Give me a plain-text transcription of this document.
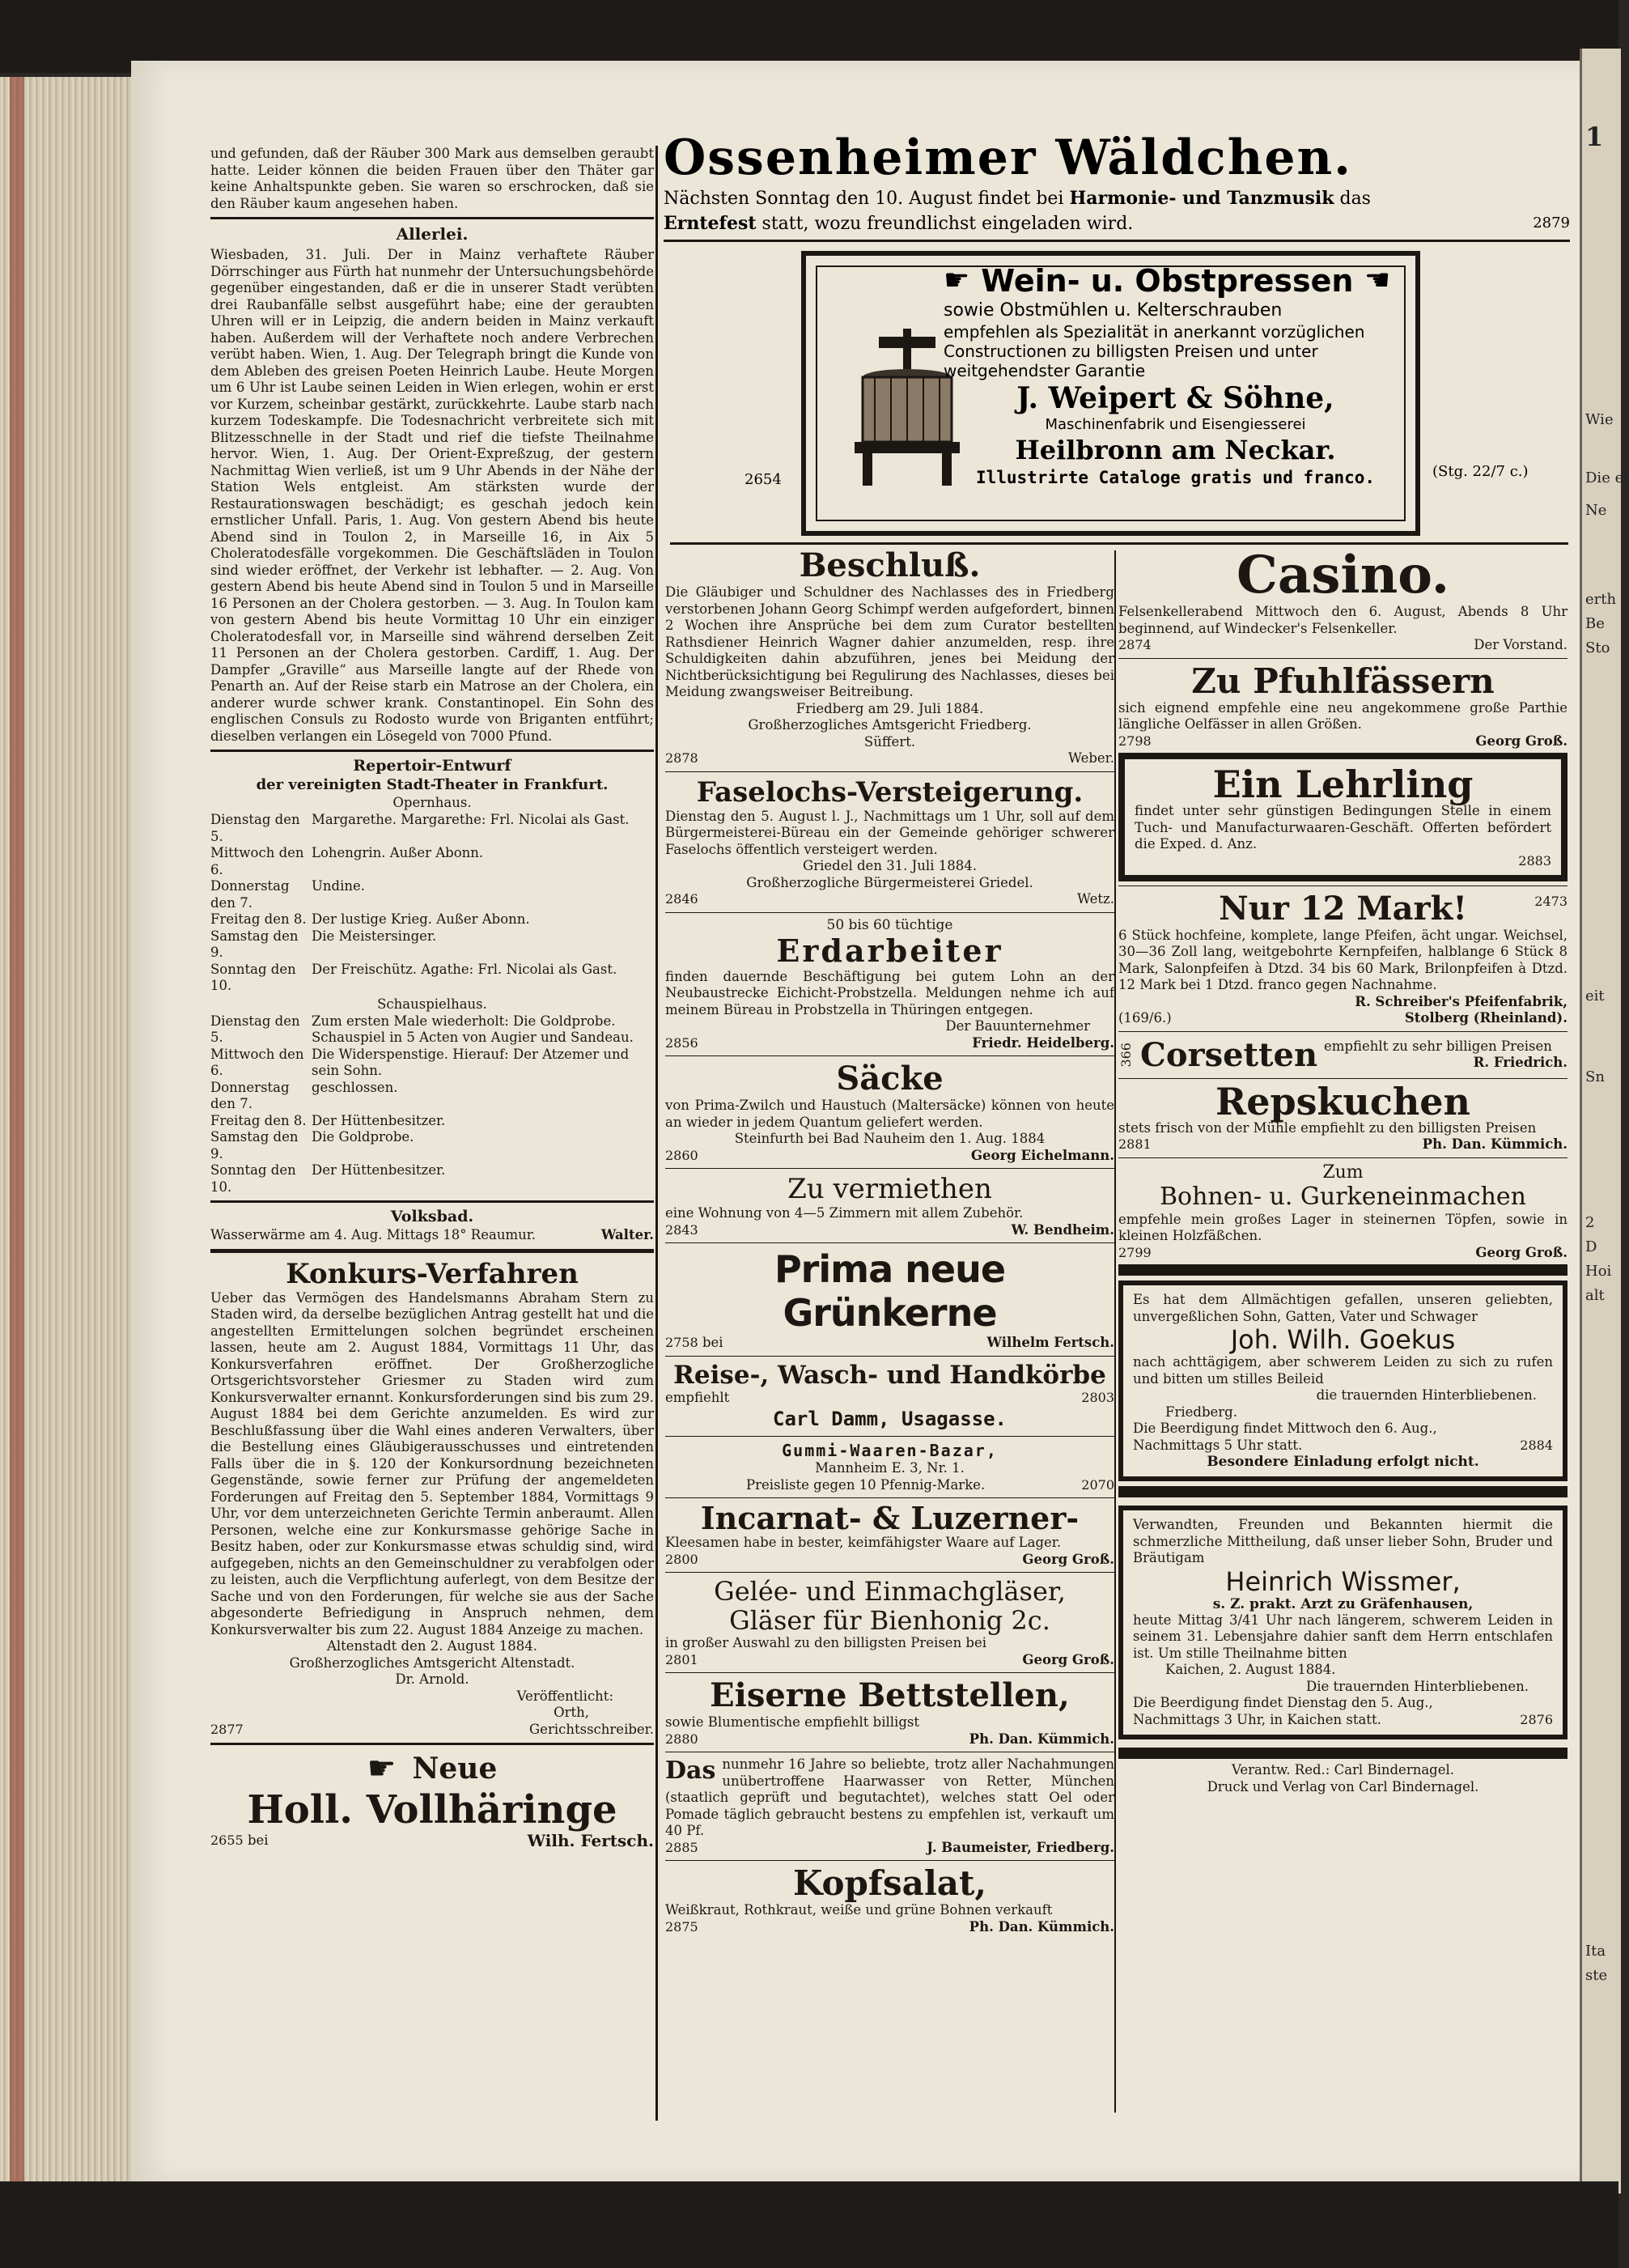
1
Wie
Die et
Ne
erth
Be
Sto
eit
Sn
2
D
Hoi
alt
Ita
ste

und gefunden, daß der Räuber 300 Mark aus demselben geraubt hatte. Leider können die beiden Frauen über den Thäter gar keine Anhaltspunkte geben. Sie waren so erschrocken, daß sie den Räuber kaum angesehen haben.

Allerlei.

Wiesbaden, 31. Juli. Der in Mainz verhaftete Räuber Dörrschinger aus Fürth hat nunmehr der Untersuchungsbehörde gegenüber eingestanden, daß er die in unserer Stadt verübten drei Raubanfälle selbst ausgeführt habe; eine der geraubten Uhren will er in Leipzig, die andern beiden in Mainz verkauft haben. Außerdem will der Verhaftete noch andere Verbrechen verübt haben. Wien, 1. Aug. Der Telegraph bringt die Kunde von dem Ableben des greisen Poeten Heinrich Laube. Heute Morgen um 6 Uhr ist Laube seinen Leiden in Wien erlegen, wohin er erst vor Kurzem, scheinbar gestärkt, zurückkehrte. Laube starb nach kurzem Todeskampfe. Die Todesnachricht verbreitete sich mit Blitzesschnelle in der Stadt und rief die tiefste Theilnahme hervor. Wien, 1. Aug. Der Orient-Expreßzug, der gestern Nachmittag Wien verließ, ist um 9 Uhr Abends in der Nähe der Station Wels entgleist. Am stärksten wurde der Restaurationswagen beschädigt; es geschah jedoch kein ernstlicher Unfall. Paris, 1. Aug. Von gestern Abend bis heute Abend sind in Toulon 2, in Marseille 16, in Aix 5 Choleratodesfälle vorgekommen. Die Geschäftsläden in Toulon sind wieder eröffnet, der Verkehr ist lebhafter. — 2. Aug. Von gestern Abend bis heute Abend sind in Toulon 5 und in Marseille 16 Personen an der Cholera gestorben. — 3. Aug. In Toulon kam von gestern Abend bis heute Vormittag 10 Uhr ein einziger Choleratodesfall vor, in Marseille sind während derselben Zeit 11 Personen an der Cholera gestorben. Cardiff, 1. Aug. Der Dampfer „Graville“ aus Marseille langte auf der Rhede von Penarth an. Auf der Reise starb ein Matrose an der Cholera, ein anderer wurde schwer krank. Constantinopel. Ein Sohn des englischen Consuls zu Rodosto wurde von Briganten entführt; dieselben verlangen ein Lösegeld von 7000 Pfund.

Repertoir-Entwurf
der vereinigten Stadt-Theater in Frankfurt.
Opernhaus.
Dienstag den 5.	Margarethe. Margarethe: Frl. Nicolai als Gast.
Mittwoch den 6.	Lohengrin. Außer Abonn.
Donnerstag den 7.	Undine.
Freitag den 8.	Der lustige Krieg. Außer Abonn.
Samstag den 9.	Die Meistersinger.
Sonntag den 10.	Der Freischütz. Agathe: Frl. Nicolai als Gast.
Schauspielhaus.
Dienstag den 5.	Zum ersten Male wiederholt: Die Goldprobe. Schauspiel in 5 Acten von Augier und Sandeau.
Mittwoch den 6.	Die Widerspenstige. Hierauf: Der Atzemer und sein Sohn.
Donnerstag den 7.	geschlossen.
Freitag den 8.	Der Hüttenbesitzer.
Samstag den 9.	Die Goldprobe.
Sonntag den 10.	Der Hüttenbesitzer.
Volksbad.
Wasserwärme am 4. Aug. Mittags 18° Reaumur.	Walter.
Konkurs-Verfahren

Ueber das Vermögen des Handelsmanns Abraham Stern zu Staden wird, da derselbe bezüglichen Antrag gestellt hat und die angestellten Ermittelungen solchen begründet erscheinen lassen, heute am 2. August 1884, Vormittags 11 Uhr, das Konkursverfahren eröffnet. Der Großherzogliche Ortsgerichtsvorsteher Griesmer zu Staden wird zum Konkursverwalter ernannt. Konkursforderungen sind bis zum 29. August 1884 bei dem Gerichte anzumelden. Es wird zur Beschlußfassung über die Wahl eines anderen Verwalters, über die Bestellung eines Gläubigerausschusses und eintretenden Falls über die in §. 120 der Konkursordnung bezeichneten Gegenstände, sowie ferner zur Prüfung der angemeldeten Forderungen auf Freitag den 5. September 1884, Vormittags 9 Uhr, vor dem unterzeichneten Gerichte Termin anberaumt. Allen Personen, welche eine zur Konkursmasse gehörige Sache in Besitz haben, oder zur Konkursmasse etwas schuldig sind, wird aufgegeben, nichts an den Gemeinschuldner zu verabfolgen oder zu leisten, auch die Verpflichtung auferlegt, von dem Besitze der Sache und von den Forderungen, für welche sie aus der Sache abgesonderte Befriedigung in Anspruch nehmen, dem Konkursverwalter bis zum 22. August 1884 Anzeige zu machen.

Altenstadt den 2. August 1884.
Großherzogliches Amtsgericht Altenstadt.
Dr. Arnold.
Veröffentlicht:
Orth,
2877	Gerichtsschreiber.
☛ Neue
Holl. Vollhäringe
2655 bei	Wilh. Fertsch.
Ossenheimer Wäldchen.
Nächsten Sonntag den 10. August findet bei Harmonie- und Tanzmusik das
Erntefest statt, wozu freundlichst eingeladen wird.	2879
☛ Wein- u. Obstpressen ☛
sowie Obstmühlen u. Kelterschrauben
empfehlen als Spezialität in anerkannt vorzüglichen Constructionen zu billigsten Preisen und unter weitgehendster Garantie
J. Weipert & Söhne,
Maschinenfabrik und Eisengiesserei
Heilbronn am Neckar.
Illustrirte Cataloge gratis und franco.
2654	(Stg. 22/7 c.)
Beschluß.

Die Gläubiger und Schuldner des Nachlasses des in Friedberg verstorbenen Johann Georg Schimpf werden aufgefordert, binnen 2 Wochen ihre Ansprüche bei dem zum Curator bestellten Rathsdiener Heinrich Wagner dahier anzumelden, resp. ihre Schuldigkeiten dahin abzuführen, jenes bei Meidung der Nichtberücksichtigung bei Regulirung des Nachlasses, dieses bei Meidung zwangsweiser Beitreibung.

Friedberg am 29. Juli 1884.
Großherzogliches Amtsgericht Friedberg.
Süffert.
2878	Weber.
Faselochs-Versteigerung.

Dienstag den 5. August l. J., Nachmittags um 1 Uhr, soll auf dem Bürgermeisterei-Büreau ein der Gemeinde gehöriger schwerer Faselochs öffentlich versteigert werden.

Griedel den 31. Juli 1884.
Großherzogliche Bürgermeisterei Griedel.
2846	Wetz.
50 bis 60 tüchtige
Erdarbeiter

finden dauernde Beschäftigung bei gutem Lohn an der Neubaustrecke Eichicht-Probstzella. Meldungen nehme ich auf meinem Büreau in Probstzella in Thüringen entgegen.

Der Bauunternehmer
2856	Friedr. Heidelberg.
Säcke

von Prima-Zwilch und Haustuch (Maltersäcke) können von heute an wieder in jedem Quantum geliefert werden.

Steinfurth bei Bad Nauheim den 1. Aug. 1884
2860	Georg Eichelmann.
Zu vermiethen

eine Wohnung von 4—5 Zimmern mit allem Zubehör.

2843	W. Bendheim.
Prima neue Grünkerne
2758 bei	Wilhelm Fertsch.
Reise-, Wasch- und Handkörbe
empfiehlt	2803
Carl Damm, Usagasse.
Gummi-Waaren-Bazar,
Mannheim E. 3, Nr. 1.
Preisliste gegen 10 Pfennig-Marke.	2070
Incarnat- & Luzerner-

Kleesamen habe in bester, keimfähigster Waare auf Lager.

2800	Georg Groß.
Gelée- und Einmachgläser,
Gläser für Bienhonig 2c.

in großer Auswahl zu den billigsten Preisen bei

2801	Georg Groß.
Eiserne Bettstellen,

sowie Blumentische empfiehlt billigst

2880	Ph. Dan. Kümmich.

Das nunmehr 16 Jahre so beliebte, trotz aller Nachahmungen unübertroffene Haarwasser von Retter, München (staatlich geprüft und begutachtet), welches statt Oel oder Pomade täglich gebraucht bestens zu empfehlen ist, verkauft um 40 Pf.

2885	J. Baumeister, Friedberg.
Kopfsalat,

Weißkraut, Rothkraut, weiße und grüne Bohnen verkauft

2875	Ph. Dan. Kümmich.
Casino.

Felsenkellerabend Mittwoch den 6. August, Abends 8 Uhr beginnend, auf Windecker's Felsenkeller.

2874	Der Vorstand.
Zu Pfuhlfässern

sich eignend empfehle eine neu angekommene große Parthie längliche Oelfässer in allen Größen.

2798	Georg Groß.
Ein Lehrling

findet unter sehr günstigen Bedingungen Stelle in einem Tuch- und Manufacturwaaren-Geschäft. Offerten befördert die Exped. d. Anz.

2883
Nur 12 Mark!	2473

6 Stück hochfeine, komplete, lange Pfeifen, ächt ungar. Weichsel, 30—36 Zoll lang, weitgebohrte Kernpfeifen, halblange 6 Stück 8 Mark, Salonpfeifen à Dtzd. 34 bis 60 Mark, Brilonpfeifen à Dtzd. 12 Mark bei 1 Dtzd. franco gegen Nachnahme.

R. Schreiber's Pfeifenfabrik,
(169/6.)	Stolberg (Rheinland).
366 Corsetten empfiehlt zu sehr billigen Preisen

R. Friedrich.
Repskuchen

stets frisch von der Mühle empfiehlt zu den billigsten Preisen

2881	Ph. Dan. Kümmich.
Zum
Bohnen- u. Gurkeneinmachen

empfehle mein großes Lager in steinernen Töpfen, sowie in kleinen Holzfäßchen.

2799	Georg Groß.

Es hat dem Allmächtigen gefallen, unseren geliebten, unvergeßlichen Sohn, Gatten, Vater und Schwager

Joh. Wilh. Goekus

nach achttägigem, aber schwerem Leiden zu sich zu rufen und bitten um stilles Beileid

die trauernden Hinterbliebenen.
Friedberg.
Die Beerdigung findet Mittwoch den 6. Aug., Nachmittags 5 Uhr statt.	2884
Besondere Einladung erfolgt nicht.

Verwandten, Freunden und Bekannten hiermit die schmerzliche Mittheilung, daß unser lieber Sohn, Bruder und Bräutigam

Heinrich Wissmer,
s. Z. prakt. Arzt zu Gräfenhausen,

heute Mittag 3/41 Uhr nach längerem, schwerem Leiden in seinem 31. Lebensjahre dahier sanft dem Herrn entschlafen ist. Um stille Theilnahme bitten

Kaichen, 2. August 1884.
Die trauernden Hinterbliebenen.
Die Beerdigung findet Dienstag den 5. Aug., Nachmittags 3 Uhr, in Kaichen statt.	2876
Verantw. Red.: Carl Bindernagel.
Druck und Verlag von Carl Bindernagel.
